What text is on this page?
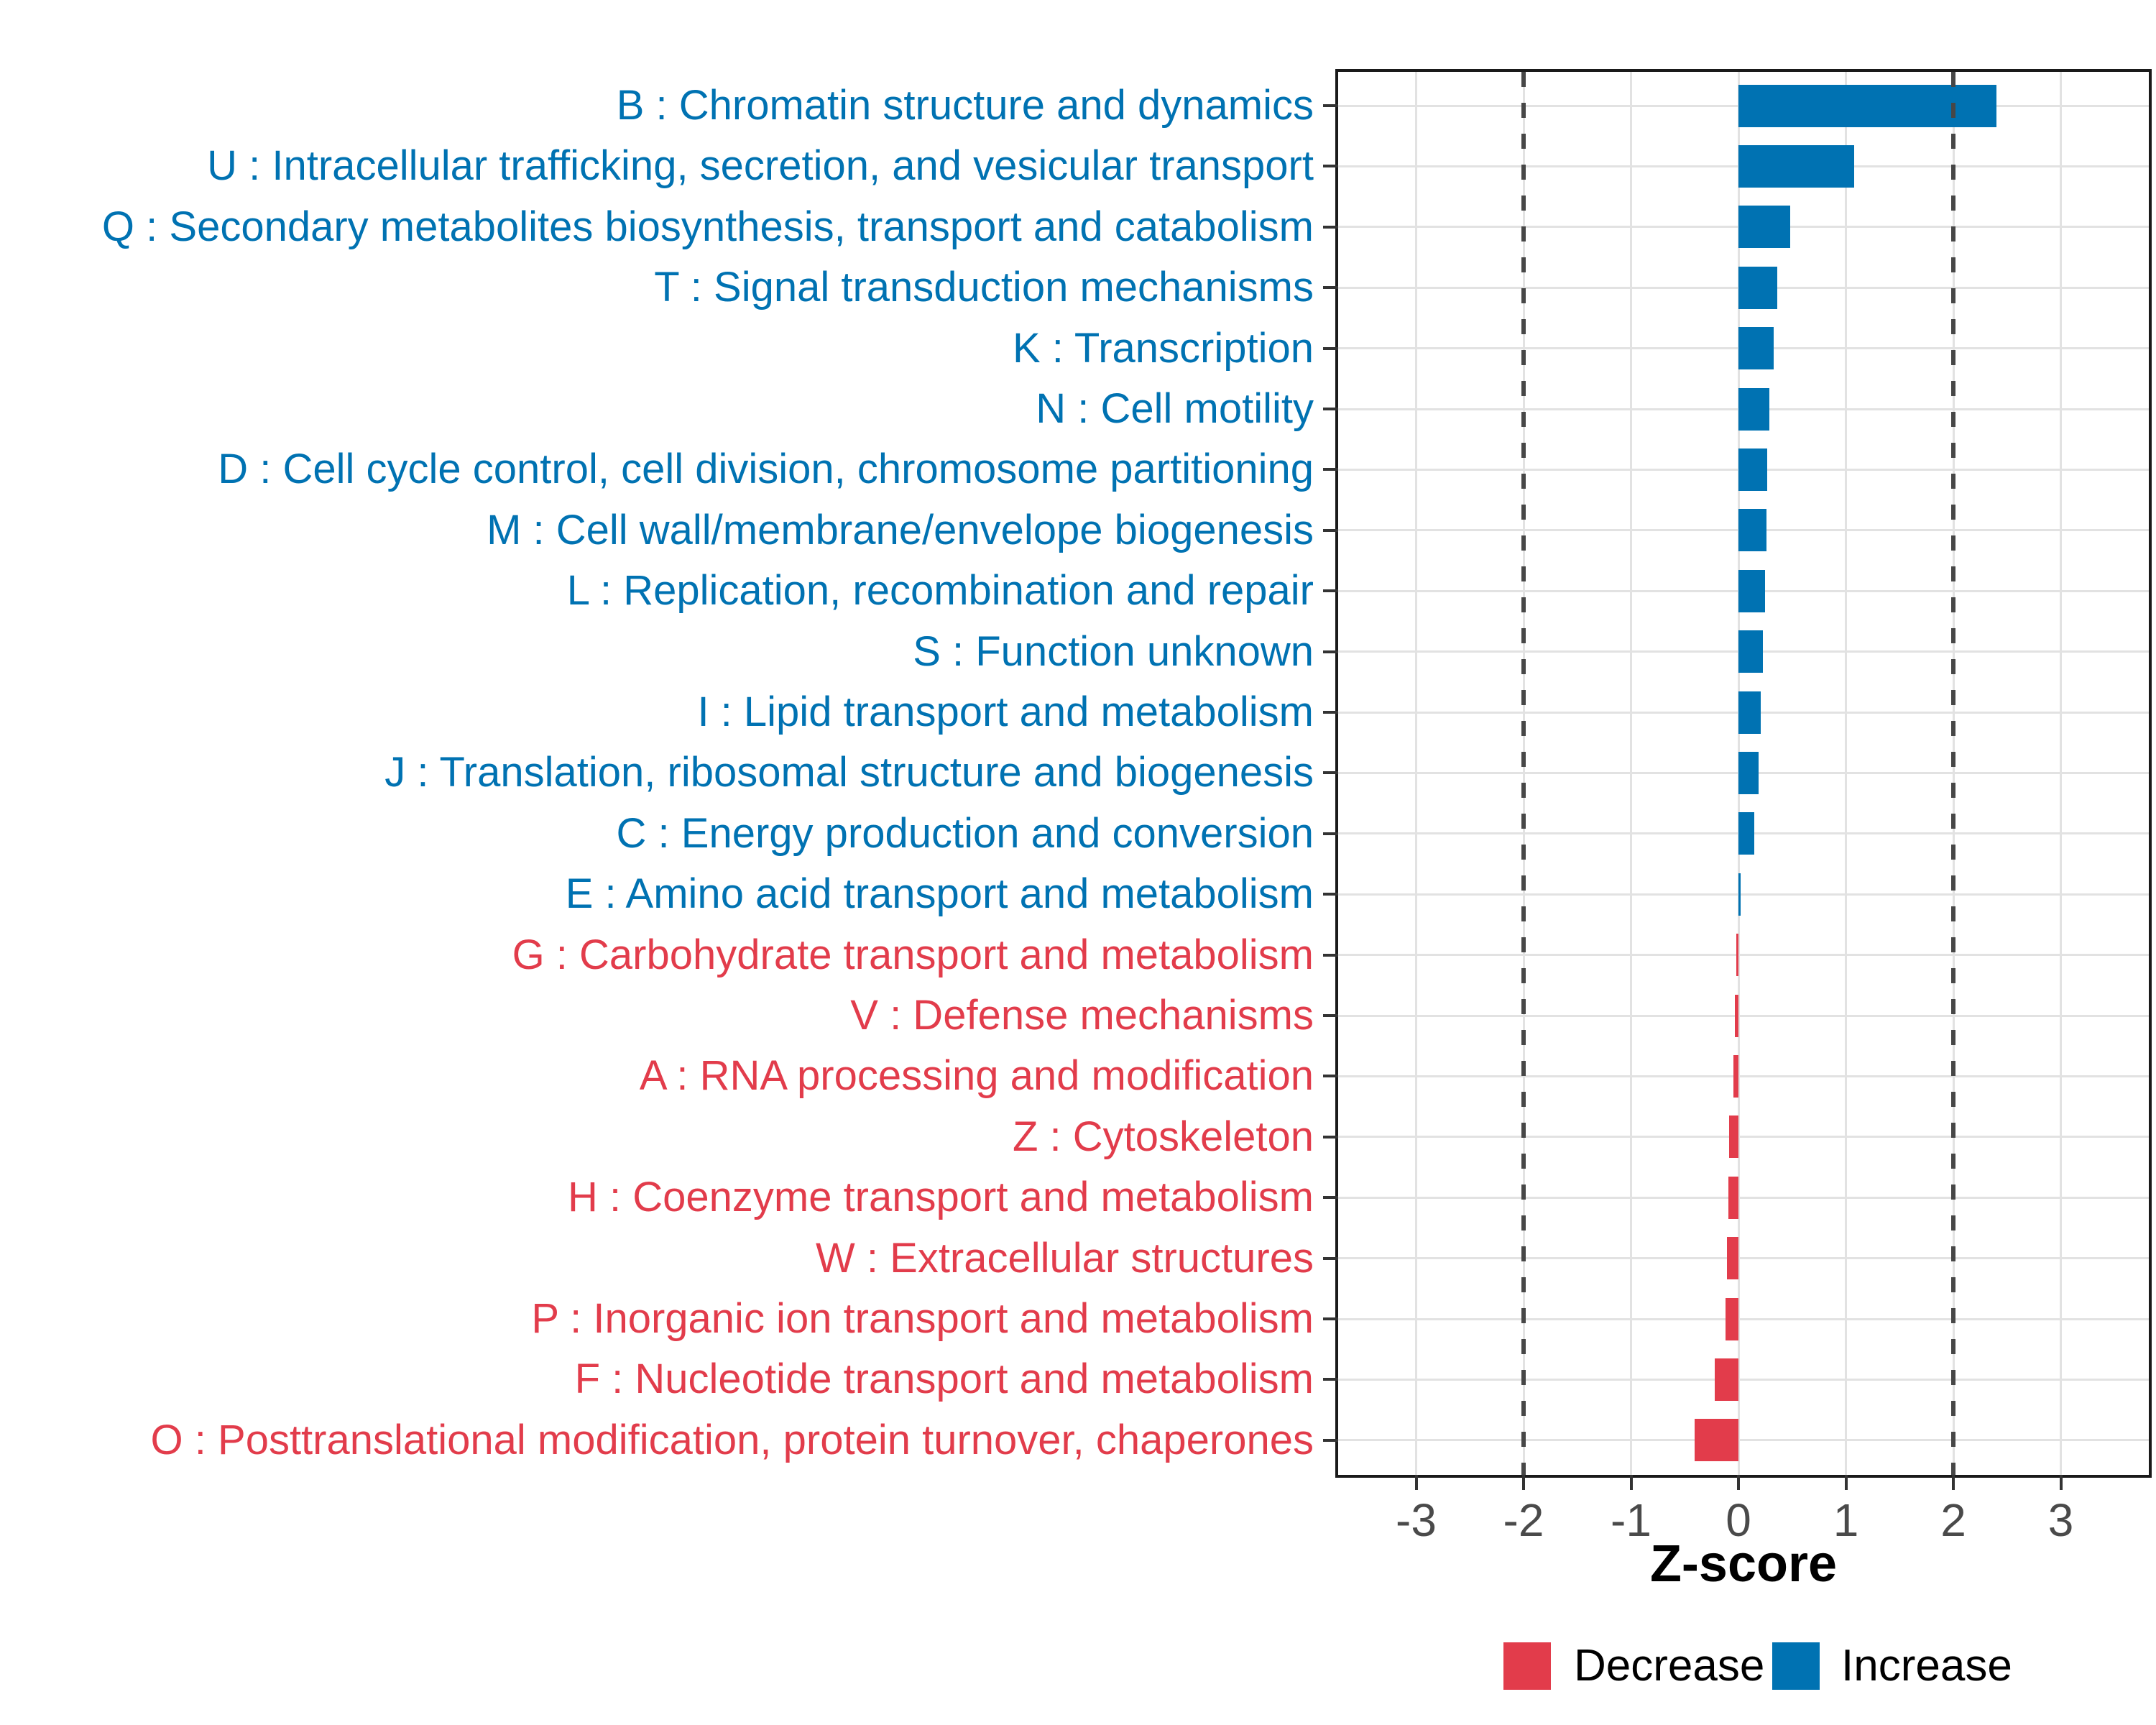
Z-score
Decrease Increase
B : Chromatin structure and dynamics
U : Intracellular trafficking, secretion, and vesicular transport
Q : Secondary metabolites biosynthesis, transport and catabolism
T : Signal transduction mechanisms
K : Transcription
N : Cell motility
D : Cell cycle control, cell division, chromosome partitioning
M : Cell wall/membrane/envelope biogenesis
L : Replication, recombination and repair
S : Function unknown
I : Lipid transport and metabolism
J : Translation, ribosomal structure and biogenesis
C : Energy production and conversion
E : Amino acid transport and metabolism
G : Carbohydrate transport and metabolism
V : Defense mechanisms
A : RNA processing and modification
Z : Cytoskeleton
H : Coenzyme transport and metabolism
W : Extracellular structures
P : Inorganic ion transport and metabolism
F : Nucleotide transport and metabolism
O : Posttranslational modification, protein turnover, chaperones
-3 -2 -1 0 1 2 3
